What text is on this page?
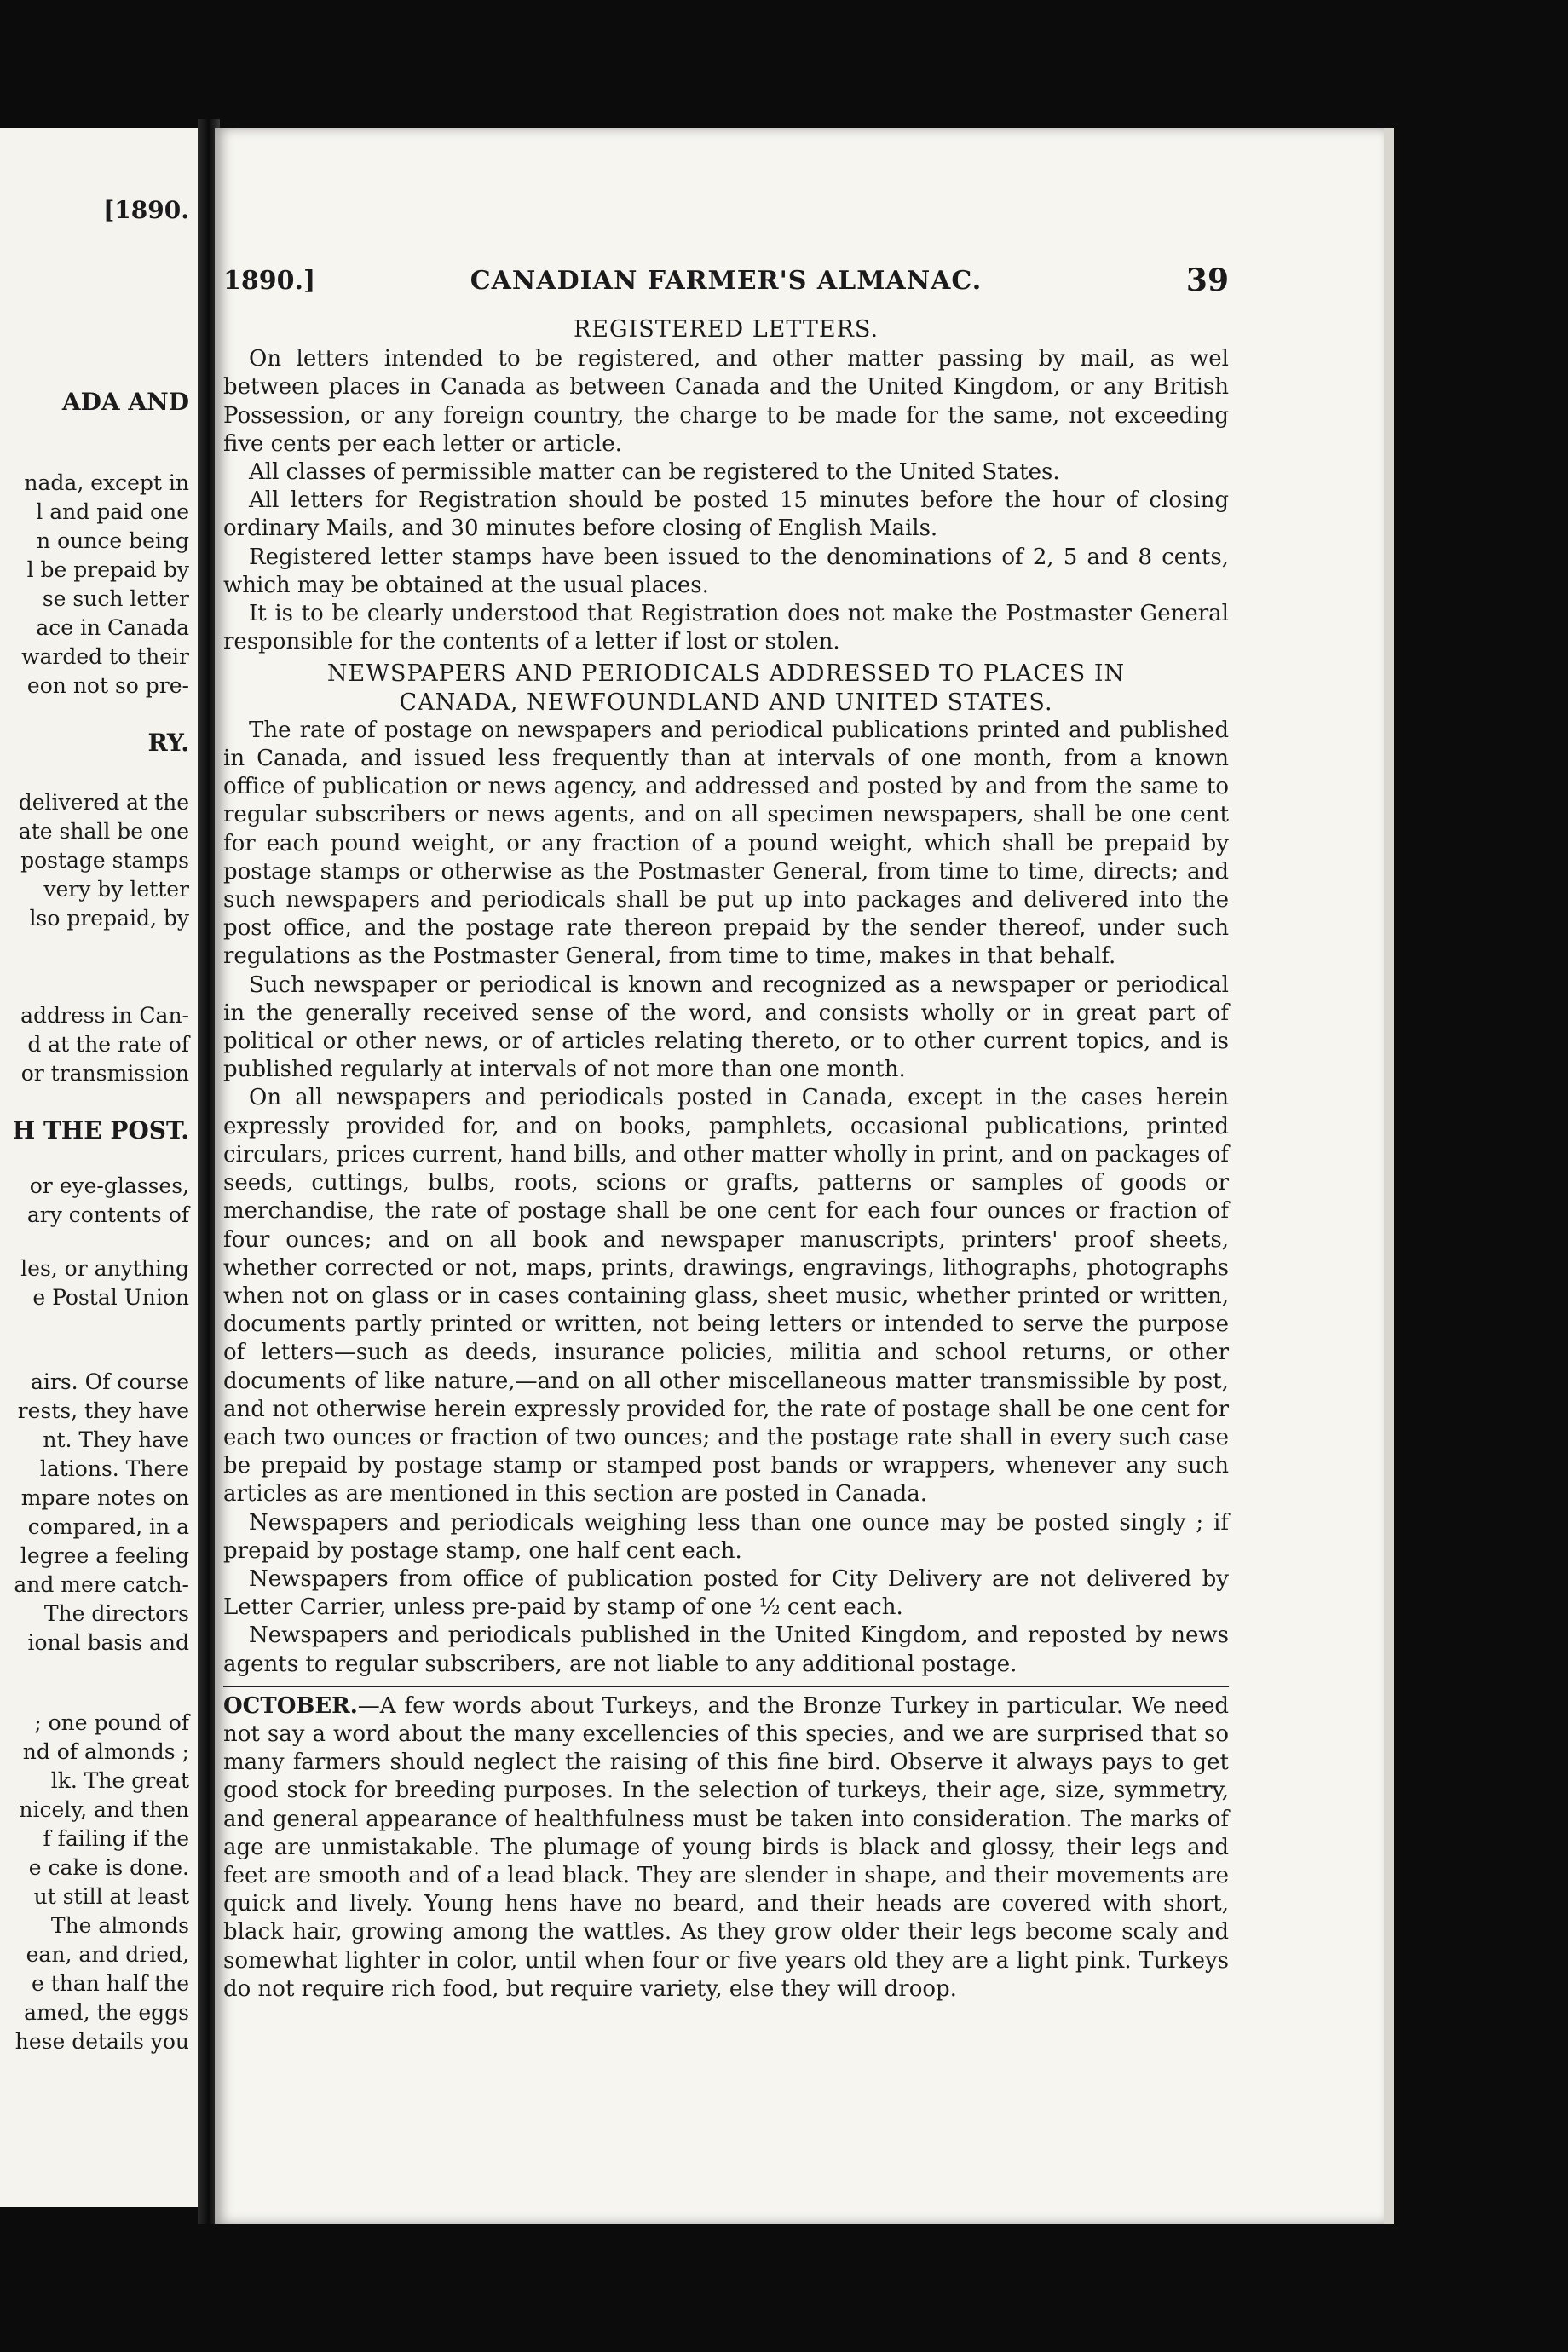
[1890.
ADA AND
nada, except in
l and paid one
n ounce being
l be prepaid by
se such letter
ace in Canada
warded to their
eon not so pre-
RY.
delivered at the
ate shall be one
postage stamps
very by letter
lso prepaid, by
address in Can-
d at the rate of
or transmission
H THE POST.
or eye-glasses,
ary contents of
les, or anything
e Postal Union
airs. Of course
rests, they have
nt. They have
lations. There
mpare notes on
compared, in a
legree a feeling
and mere catch-
The directors
ional basis and
; one pound of
nd of almonds ;
lk. The great
nicely, and then
f failing if the
e cake is done.
ut still at least
The almonds
ean, and dried,
e than half the
amed, the eggs
hese details you
1890.]	CANADIAN FARMER'S ALMANAC.	39

REGISTERED LETTERS.

On letters intended to be registered, and other matter passing by mail, as wel between places in Canada as between Canada and the United Kingdom, or any British Possession, or any foreign country, the charge to be made for the same, not exceeding five cents per each letter or article.

All classes of permissible matter can be registered to the United States.

All letters for Registration should be posted 15 minutes before the hour of closing ordinary Mails, and 30 minutes before closing of English Mails.

Registered letter stamps have been issued to the denominations of 2, 5 and 8 cents, which may be obtained at the usual places.

It is to be clearly understood that Registration does not make the Postmaster General responsible for the contents of a letter if lost or stolen.

NEWSPAPERS AND PERIODICALS ADDRESSED TO PLACES IN

CANADA, NEWFOUNDLAND AND UNITED STATES.

The rate of postage on newspapers and periodical publications printed and published in Canada, and issued less frequently than at intervals of one month, from a known office of publication or news agency, and addressed and posted by and from the same to regular subscribers or news agents, and on all specimen newspapers, shall be one cent for each pound weight, or any fraction of a pound weight, which shall be prepaid by postage stamps or otherwise as the Postmaster General, from time to time, directs; and such newspapers and periodicals shall be put up into packages and delivered into the post office, and the postage rate thereon prepaid by the sender thereof, under such regulations as the Postmaster General, from time to time, makes in that behalf.

Such newspaper or periodical is known and recognized as a newspaper or periodical in the generally received sense of the word, and consists wholly or in great part of political or other news, or of articles relating thereto, or to other current topics, and is published regularly at intervals of not more than one month.

On all newspapers and periodicals posted in Canada, except in the cases herein expressly provided for, and on books, pamphlets, occasional publications, printed circulars, prices current, hand bills, and other matter wholly in print, and on packages of seeds, cuttings, bulbs, roots, scions or grafts, patterns or samples of goods or merchandise, the rate of postage shall be one cent for each four ounces or fraction of four ounces; and on all book and newspaper manuscripts, printers' proof sheets, whether corrected or not, maps, prints, drawings, engravings, lithographs, photographs when not on glass or in cases containing glass, sheet music, whether printed or written, documents partly printed or written, not being letters or intended to serve the purpose of letters—such as deeds, insurance policies, militia and school returns, or other documents of like nature,—and on all other miscellaneous matter transmissible by post, and not otherwise herein expressly provided for, the rate of postage shall be one cent for each two ounces or fraction of two ounces; and the postage rate shall in every such case be prepaid by postage stamp or stamped post bands or wrappers, whenever any such articles as are mentioned in this section are posted in Canada.

Newspapers and periodicals weighing less than one ounce may be posted singly ; if prepaid by postage stamp, one half cent each.

Newspapers from office of publication posted for City Delivery are not delivered by Letter Carrier, unless pre-paid by stamp of one ½ cent each.

Newspapers and periodicals published in the United Kingdom, and reposted by news agents to regular subscribers, are not liable to any additional postage.

OCTOBER.—A few words about Turkeys, and the Bronze Turkey in particular. We need not say a word about the many excellencies of this species, and we are surprised that so many farmers should neglect the raising of this fine bird. Observe it always pays to get good stock for breeding purposes. In the selection of turkeys, their age, size, symmetry, and general appearance of healthfulness must be taken into consideration. The marks of age are unmistakable. The plumage of young birds is black and glossy, their legs and feet are smooth and of a lead black. They are slender in shape, and their movements are quick and lively. Young hens have no beard, and their heads are covered with short, black hair, growing among the wattles. As they grow older their legs become scaly and somewhat lighter in color, until when four or five years old they are a light pink. Turkeys do not require rich food, but require variety, else they will droop.
